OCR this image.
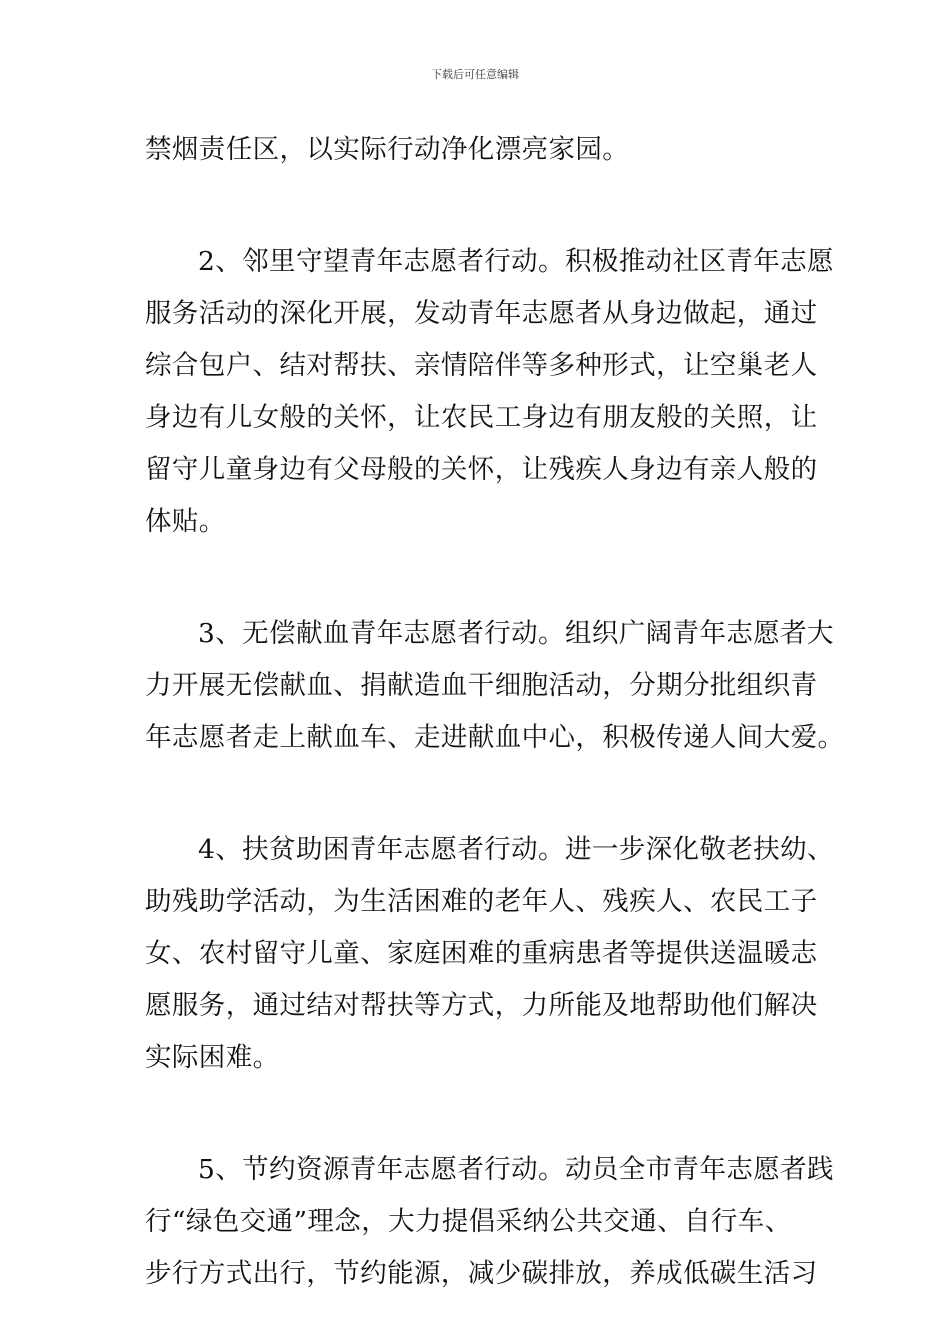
下载后可任意编辑
禁烟责任区，以实际行动净化漂亮家园。
2、邻里守望青年志愿者行动。积极推动社区青年志愿
服务活动的深化开展，发动青年志愿者从身边做起，通过
综合包户、结对帮扶、亲情陪伴等多种形式，让空巢老人
身边有儿女般的关怀，让农民工身边有朋友般的关照，让
留守儿童身边有父母般的关怀，让残疾人身边有亲人般的
体贴。
3、无偿献血青年志愿者行动。组织广阔青年志愿者大
力开展无偿献血、捐献造血干细胞活动，分期分批组织青
年志愿者走上献血车、走进献血中心，积极传递人间大爱。
4、扶贫助困青年志愿者行动。进一步深化敬老扶幼、
助残助学活动，为生活困难的老年人、残疾人、农民工子
女、农村留守儿童、家庭困难的重病患者等提供送温暖志
愿服务，通过结对帮扶等方式，力所能及地帮助他们解决
实际困难。
5、节约资源青年志愿者行动。动员全市青年志愿者践
行“绿色交通”理念，大力提倡采纳公共交通、自行车、
步行方式出行，节约能源，减少碳排放，养成低碳生活习
